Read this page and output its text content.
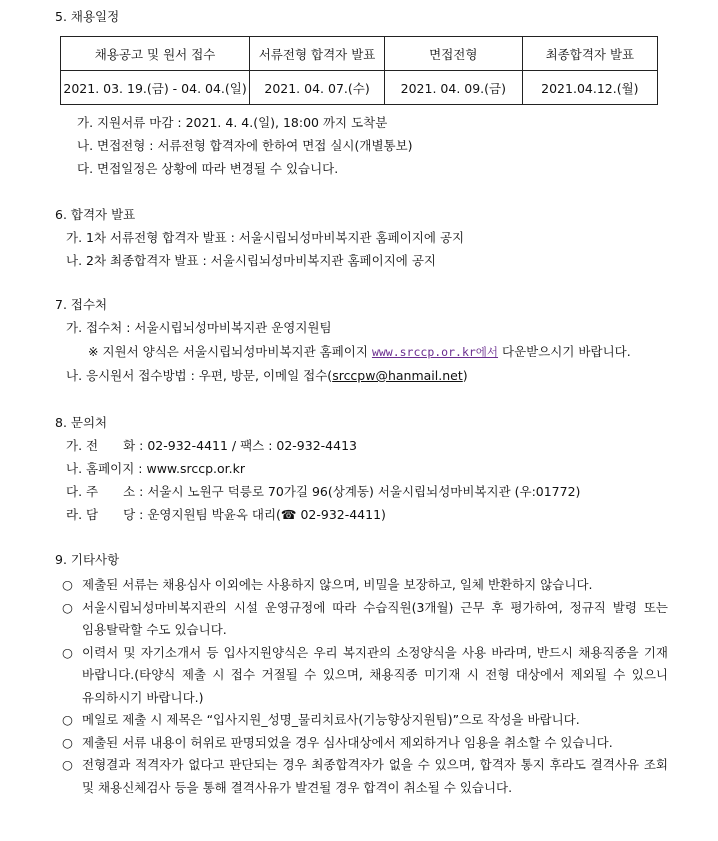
5. 채용일정
채용공고 및 원서 접수	서류전형 합격자 발표	면접전형	최종합격자 발표
2021. 03. 19.(금) - 04. 04.(일)	2021. 04. 07.(수)	2021. 04. 09.(금)	2021.04.12.(월)
가. 지원서류 마감 : 2021. 4. 4.(일), 18:00 까지 도착분
나. 면접전형 : 서류전형 합격자에 한하여 면접 실시(개별통보)
다. 면접일정은 상황에 따라 변경될 수 있습니다.
6. 합격자 발표
가. 1차 서류전형 합격자 발표 : 서울시립뇌성마비복지관 홈페이지에 공지
나. 2차 최종합격자 발표 : 서울시립뇌성마비복지관 홈페이지에 공지
7. 접수처
가. 접수처 : 서울시립뇌성마비복지관 운영지원팀
※ 지원서 양식은 서울시립뇌성마비복지관 홈페이지 www.srccp.or.kr에서 다운받으시기 바랍니다.
나. 응시원서 접수방법 : 우편, 방문, 이메일 접수(srccpw@hanmail.net)
8. 문의처
가. 전　　화 : 02-932-4411 / 팩스 : 02-932-4413
나. 홈페이지 : www.srccp.or.kr
다. 주　　소 : 서울시 노원구 덕릉로 70가길 96(상계동) 서울시립뇌성마비복지관 (우:01772)
라. 담　　당 : 운영지원팀 박윤옥 대리(☎ 02-932-4411)
9. 기타사항
○ 제출된 서류는 채용심사 이외에는 사용하지 않으며, 비밀을 보장하고, 일체 반환하지 않습니다.
○ 서울시립뇌성마비복지관의 시설 운영규정에 따라 수습직원(3개월) 근무 후 평가하여, 정규직 발령 또는 임용탈락할 수도 있습니다.
○ 이력서 및 자기소개서 등 입사지원양식은 우리 복지관의 소정양식을 사용 바라며, 반드시 채용직종을 기재 바랍니다.(타양식 제출 시 접수 거절될 수 있으며, 채용직종 미기재 시 전형 대상에서 제외될 수 있으니 유의하시기 바랍니다.)
○ 메일로 제출 시 제목은 “입사지원_성명_물리치료사(기능향상지원팀)”으로 작성을 바랍니다.
○ 제출된 서류 내용이 허위로 판명되었을 경우 심사대상에서 제외하거나 임용을 취소할 수 있습니다.
○ 전형결과 적격자가 없다고 판단되는 경우 최종합격자가 없을 수 있으며, 합격자 통지 후라도 결격사유 조회 및 채용신체검사 등을 통해 결격사유가 발견될 경우 합격이 취소될 수 있습니다.
